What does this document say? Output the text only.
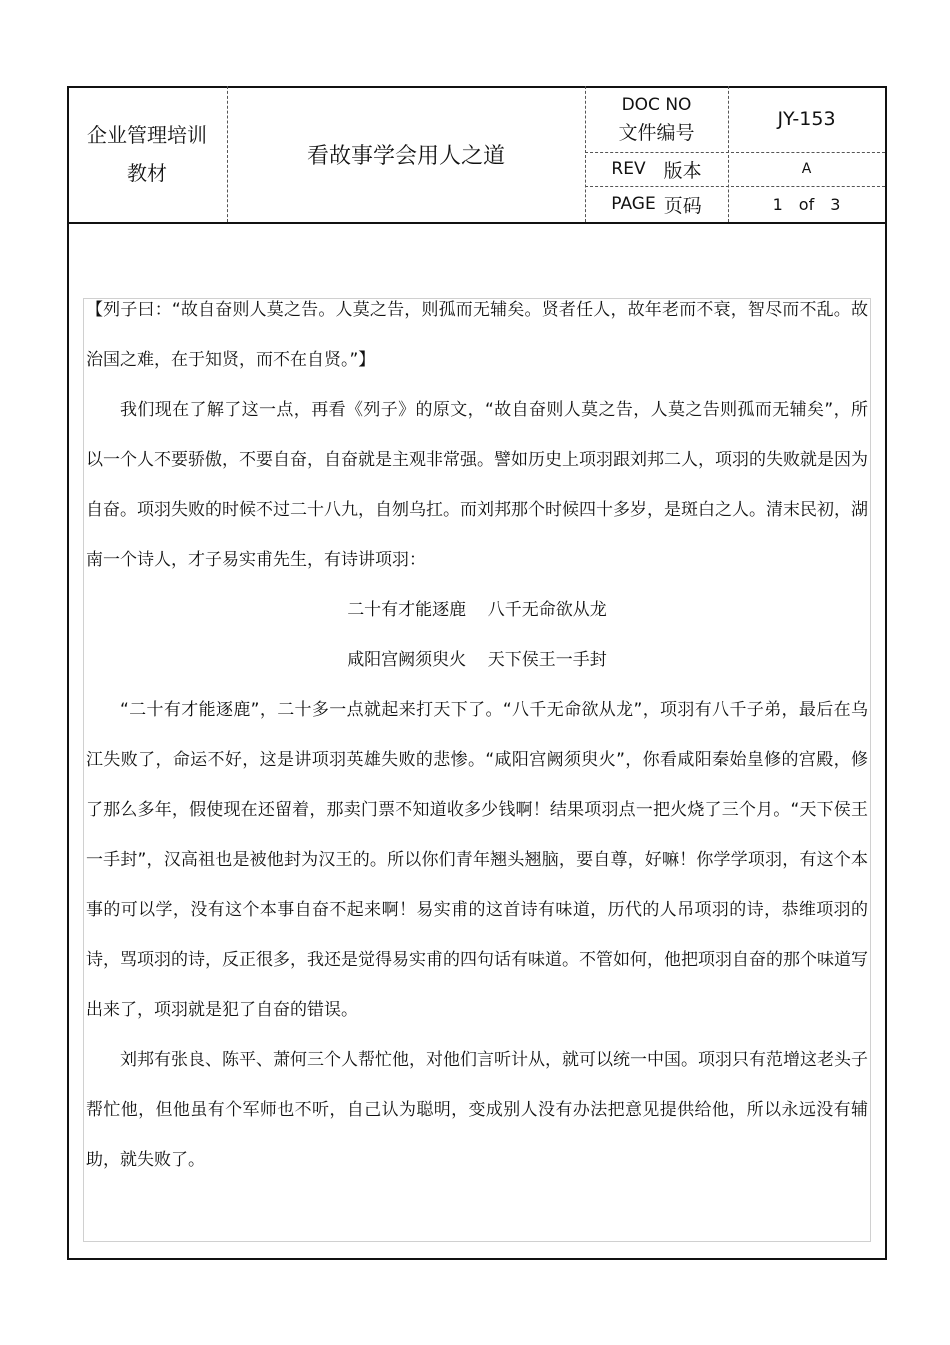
企业管理培训
教材
看故事学会用人之道
DOC NO
文件编号
JY-153
REV 版本	A
PAGE 页码	1 of 3

【列子曰：“故自奋则人莫之告。人莫之告，则孤而无辅矣。贤者任人，故年老而不衰，智尽而不乱。故治国之难，在于知贤，而不在自贤。”】

我们现在了解了这一点，再看《列子》的原文，“故自奋则人莫之告，人莫之告则孤而无辅矣”，所以一个人不要骄傲，不要自奋，自奋就是主观非常强。譬如历史上项羽跟刘邦二人，项羽的失败就是因为自奋。项羽失败的时候不过二十八九，自刎乌扛。而刘邦那个时候四十多岁，是斑白之人。清末民初，湖南一个诗人，才子易实甫先生，有诗讲项羽：

二十有才能逐鹿    八千无命欲从龙

咸阳宫阙须臾火    天下侯王一手封

“二十有才能逐鹿”，二十多一点就起来打天下了。“八千无命欲从龙”，项羽有八千子弟，最后在乌江失败了，命运不好，这是讲项羽英雄失败的悲惨。“咸阳宫阙须臾火”，你看咸阳秦始皇修的宫殿，修了那么多年，假使现在还留着，那卖门票不知道收多少钱啊！结果项羽点一把火烧了三个月。“天下侯王一手封”，汉高祖也是被他封为汉王的。所以你们青年翘头翘脑，要自尊，好嘛！你学学项羽，有这个本事的可以学，没有这个本事自奋不起来啊！易实甫的这首诗有味道，历代的人吊项羽的诗，恭维项羽的诗，骂项羽的诗，反正很多，我还是觉得易实甫的四句话有味道。不管如何，他把项羽自奋的那个味道写出来了，项羽就是犯了自奋的错误。

刘邦有张良、陈平、萧何三个人帮忙他，对他们言听计从，就可以统一中国。项羽只有范增这老头子帮忙他，但他虽有个军师也不听，自己认为聪明，变成别人没有办法把意见提供给他，所以永远没有辅助，就失败了。
